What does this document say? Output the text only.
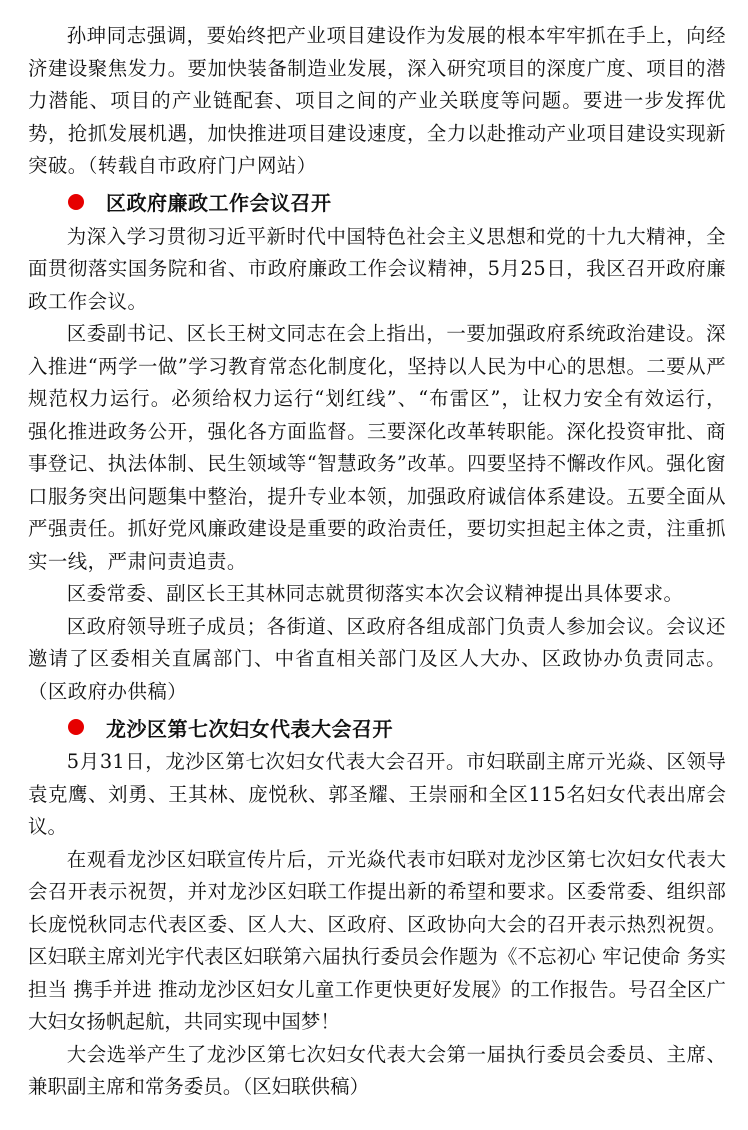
孙珅同志强调，要始终把产业项目建设作为发展的根本牢牢抓在手上，向经济建设聚焦发力。要加快装备制造业发展，深入研究项目的深度广度、项目的潜力潜能、项目的产业链配套、项目之间的产业关联度等问题。要进一步发挥优势，抢抓发展机遇，加快推进项目建设速度，全力以赴推动产业项目建设实现新突破。（转载自市政府门户网站）

区政府廉政工作会议召开

为深入学习贯彻习近平新时代中国特色社会主义思想和党的十九大精神，全面贯彻落实国务院和省、市政府廉政工作会议精神，5月25日，我区召开政府廉政工作会议。

区委副书记、区长王树文同志在会上指出，一要加强政府系统政治建设。深入推进“两学一做”学习教育常态化制度化，坚持以人民为中心的思想。二要从严规范权力运行。必须给权力运行“划红线”、“布雷区”，让权力安全有效运行，强化推进政务公开，强化各方面监督。三要深化改革转职能。深化投资审批、商事登记、执法体制、民生领域等“智慧政务”改革。四要坚持不懈改作风。强化窗口服务突出问题集中整治，提升专业本领，加强政府诚信体系建设。五要全面从严强责任。抓好党风廉政建设是重要的政治责任，要切实担起主体之责，注重抓实一线，严肃问责追责。

区委常委、副区长王其林同志就贯彻落实本次会议精神提出具体要求。

区政府领导班子成员；各街道、区政府各组成部门负责人参加会议。会议还邀请了区委相关直属部门、中省直相关部门及区人大办、区政协办负责同志。（区政府办供稿）

龙沙区第七次妇女代表大会召开

5月31日，龙沙区第七次妇女代表大会召开。市妇联副主席亓光焱、区领导袁克鹰、刘勇、王其林、庞悦秋、郭圣耀、王崇丽和全区115名妇女代表出席会议。

在观看龙沙区妇联宣传片后，亓光焱代表市妇联对龙沙区第七次妇女代表大会召开表示祝贺，并对龙沙区妇联工作提出新的希望和要求。区委常委、组织部长庞悦秋同志代表区委、区人大、区政府、区政协向大会的召开表示热烈祝贺。区妇联主席刘光宇代表区妇联第六届执行委员会作题为《不忘初心 牢记使命 务实担当 携手并进 推动龙沙区妇女儿童工作更快更好发展》的工作报告。号召全区广大妇女扬帆起航，共同实现中国梦！

大会选举产生了龙沙区第七次妇女代表大会第一届执行委员会委员、主席、兼职副主席和常务委员。（区妇联供稿）
